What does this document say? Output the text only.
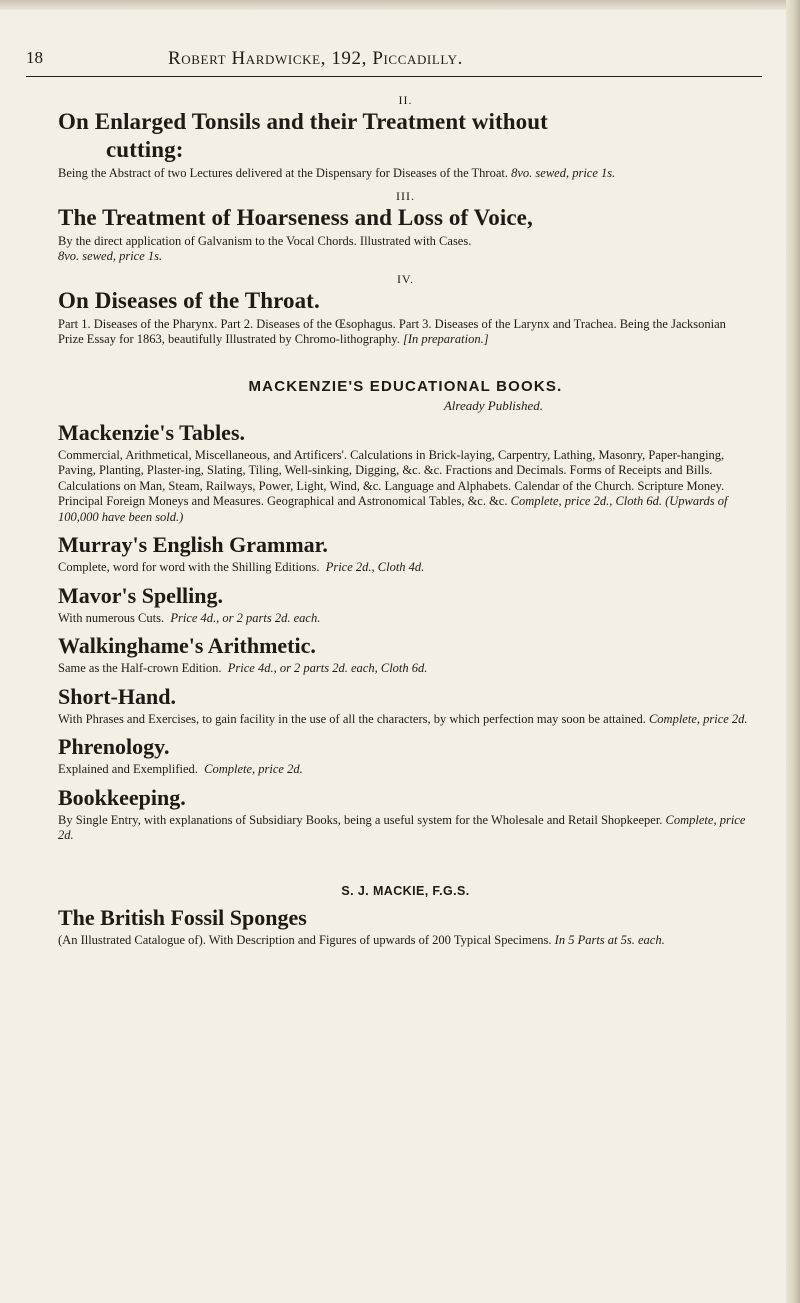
18	Robert Hardwicke, 192, Piccadilly.

II.

On Enlarged Tonsils and their Treatment without
cutting:

Being the Abstract of two Lectures delivered at the Dispensary for Diseases of the Throat. 8vo. sewed, price 1s.

III.

The Treatment of Hoarseness and Loss of Voice,

By the direct application of Galvanism to the Vocal Chords. Illustrated with Cases.
8vo. sewed, price 1s.

IV.

On Diseases of the Throat.

Part 1. Diseases of the Pharynx. Part 2. Diseases of the Œsophagus. Part 3. Diseases of the Larynx and Trachea. Being the Jacksonian Prize Essay for 1863, beautifully Illustrated by Chromo-lithography. [In preparation.]

MACKENZIE'S EDUCATIONAL BOOKS.

Already Published.

Mackenzie's Tables.

Commercial, Arithmetical, Miscellaneous, and Artificers'. Calculations in Brick-laying, Carpentry, Lathing, Masonry, Paper-hanging, Paving, Planting, Plaster-ing, Slating, Tiling, Well-sinking, Digging, &c. &c. Fractions and Decimals. Forms of Receipts and Bills. Calculations on Man, Steam, Railways, Power, Light, Wind, &c. Language and Alphabets. Calendar of the Church. Scripture Money. Principal Foreign Moneys and Measures. Geographical and Astronomical Tables, &c. &c. Complete, price 2d., Cloth 6d. (Upwards of 100,000 have been sold.)

Murray's English Grammar.

Complete, word for word with the Shilling Editions. Price 2d., Cloth 4d.

Mavor's Spelling.

With numerous Cuts. Price 4d., or 2 parts 2d. each.

Walkinghame's Arithmetic.

Same as the Half-crown Edition. Price 4d., or 2 parts 2d. each, Cloth 6d.

Short-Hand.

With Phrases and Exercises, to gain facility in the use of all the characters, by which perfection may soon be attained. Complete, price 2d.

Phrenology.

Explained and Exemplified. Complete, price 2d.

Bookkeeping.

By Single Entry, with explanations of Subsidiary Books, being a useful system for the Wholesale and Retail Shopkeeper. Complete, price 2d.

S. J. MACKIE, F.G.S.
The British Fossil Sponges

(An Illustrated Catalogue of). With Description and Figures of upwards of 200 Typical Specimens. In 5 Parts at 5s. each.
